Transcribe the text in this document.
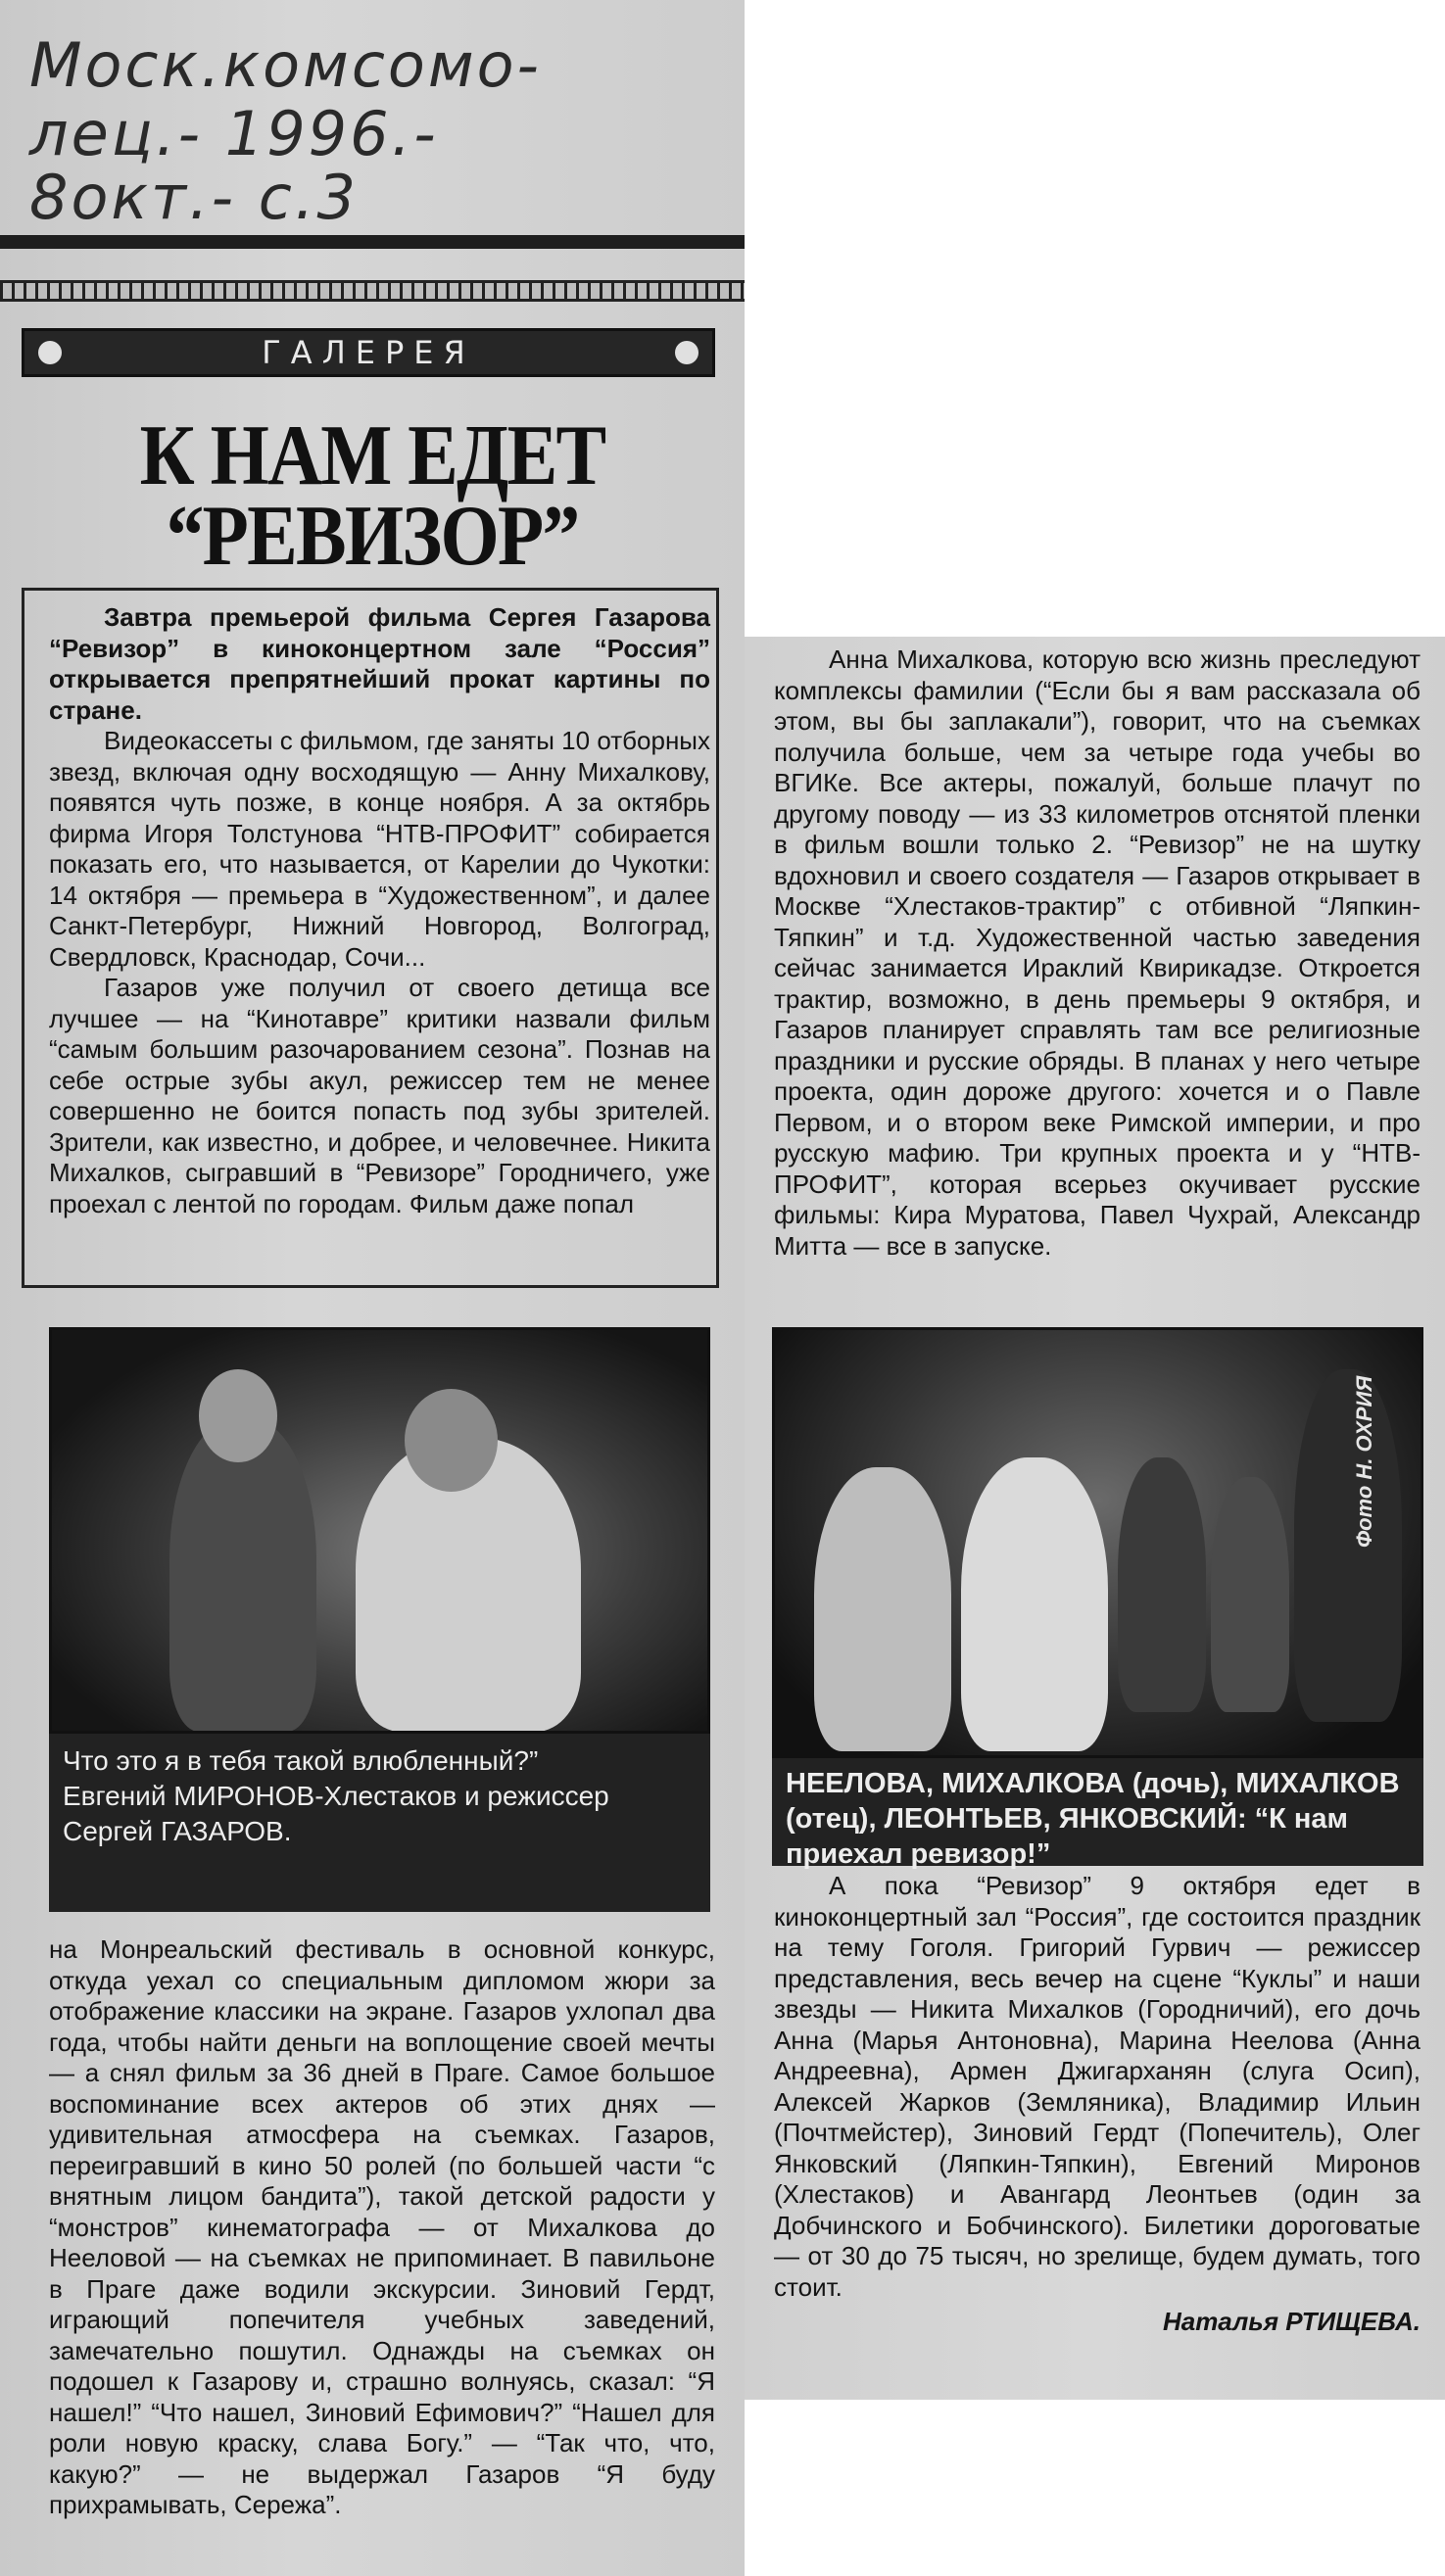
Моск.комсомо-
лец.- 1996.-
8окт.- с.3
ГАЛЕРЕЯ
К НАМ ЕДЕТ
“РЕВИЗОР”

Завтра премьерой фильма Сергея Газарова “Ревизор” в киноконцертном зале “Россия” открывается препрятнейший прокат картины по стране.

Видеокассеты с фильмом, где заняты 10 отборных звезд, включая одну восходящую — Анну Михалкову, появятся чуть позже, в конце ноября. А за октябрь фирма Игоря Толстунова “НТВ-ПРОФИТ” собирается показать его, что называется, от Карелии до Чукотки: 14 октября — премьера в “Художественном”, и далее Санкт-Петербург, Нижний Новгород, Волгоград, Свердловск, Краснодар, Сочи...

Газаров уже получил от своего детища все лучшее — на “Кинотавре” критики назвали фильм “самым большим разочарованием сезона”. Познав на себе острые зубы акул, режиссер тем не менее совершенно не боится попасть под зубы зрителей. Зрители, как известно, и добрее, и человечнее. Никита Михалков, сыгравший в “Ревизоре” Городничего, уже проехал с лентой по городам. Фильм даже попал

Что это я в тебя такой влюбленный?”
Евгений МИРОНОВ-Хлестаков и режиссер
Сергей ГАЗАРОВ.

на Монреальский фестиваль в основной конкурс, откуда уехал со специальным дипломом жюри за отображение классики на экране. Газаров ухлопал два года, чтобы найти деньги на воплощение своей мечты — а снял фильм за 36 дней в Праге. Самое большое воспоминание всех актеров об этих днях — удивительная атмосфера на съемках. Газаров, переигравший в кино 50 ролей (по большей части “с внятным лицом бандита”), такой детской радости у “монстров” кинематографа — от Михалкова до Нееловой — на съемках не припоминает. В павильоне в Праге даже водили экскурсии. Зиновий Гердт, играющий попечителя учебных заведений, замечательно пошутил. Однажды на съемках он подошел к Газарову и, страшно волнуясь, сказал: “Я нашел!” “Что нашел, Зиновий Ефимович?” “Нашел для роли новую краску, слава Богу.” — “Так что, что, какую?” — не выдержал Газаров “Я буду прихрамывать, Сережа”.

Анна Михалкова, которую всю жизнь преследуют комплексы фамилии (“Если бы я вам рассказала об этом, вы бы заплакали”), говорит, что на съемках получила больше, чем за четыре года учебы во ВГИКе. Все актеры, пожалуй, больше плачут по другому поводу — из 33 километров отснятой пленки в фильм вошли только 2. “Ревизор” не на шутку вдохновил и своего создателя — Газаров открывает в Москве “Хлестаков-трактир” с отбивной “Ляпкин-Тяпкин” и т.д. Художественной частью заведения сейчас занимается Ираклий Квирикадзе. Откроется трактир, возможно, в день премьеры 9 октября, и Газаров планирует справлять там все религиозные праздники и русские обряды. В планах у него четыре проекта, один дороже другого: хочется и о Павле Первом, и о втором веке Римской империи, и про русскую мафию. Три крупных проекта и у “НТВ-ПРОФИТ”, которая всерьез окучивает русские фильмы: Кира Муратова, Павел Чухрай, Александр Митта — все в запуске.

Фото Н. ОХРИЯ
НЕЕЛОВА, МИХАЛКОВА (дочь), МИХАЛКОВ (отец), ЛЕОНТЬЕВ, ЯНКОВСКИЙ: “К нам приехал ревизор!”

А пока “Ревизор” 9 октября едет в киноконцертный зал “Россия”, где состоится праздник на тему Гоголя. Григорий Гурвич — режиссер представления, весь вечер на сцене “Куклы” и наши звезды — Никита Михалков (Городничий), его дочь Анна (Марья Антоновна), Марина Неелова (Анна Андреевна), Армен Джигарханян (слуга Осип), Алексей Жарков (Земляника), Владимир Ильин (Почтмейстер), Зиновий Гердт (Попечитель), Олег Янковский (Ляпкин-Тяпкин), Евгений Миронов (Хлестаков) и Авангард Леонтьев (один за Добчинского и Бобчинского). Билетики дороговатые — от 30 до 75 тысяч, но зрелище, будем думать, того стоит.

Наталья РТИЩЕВА.
